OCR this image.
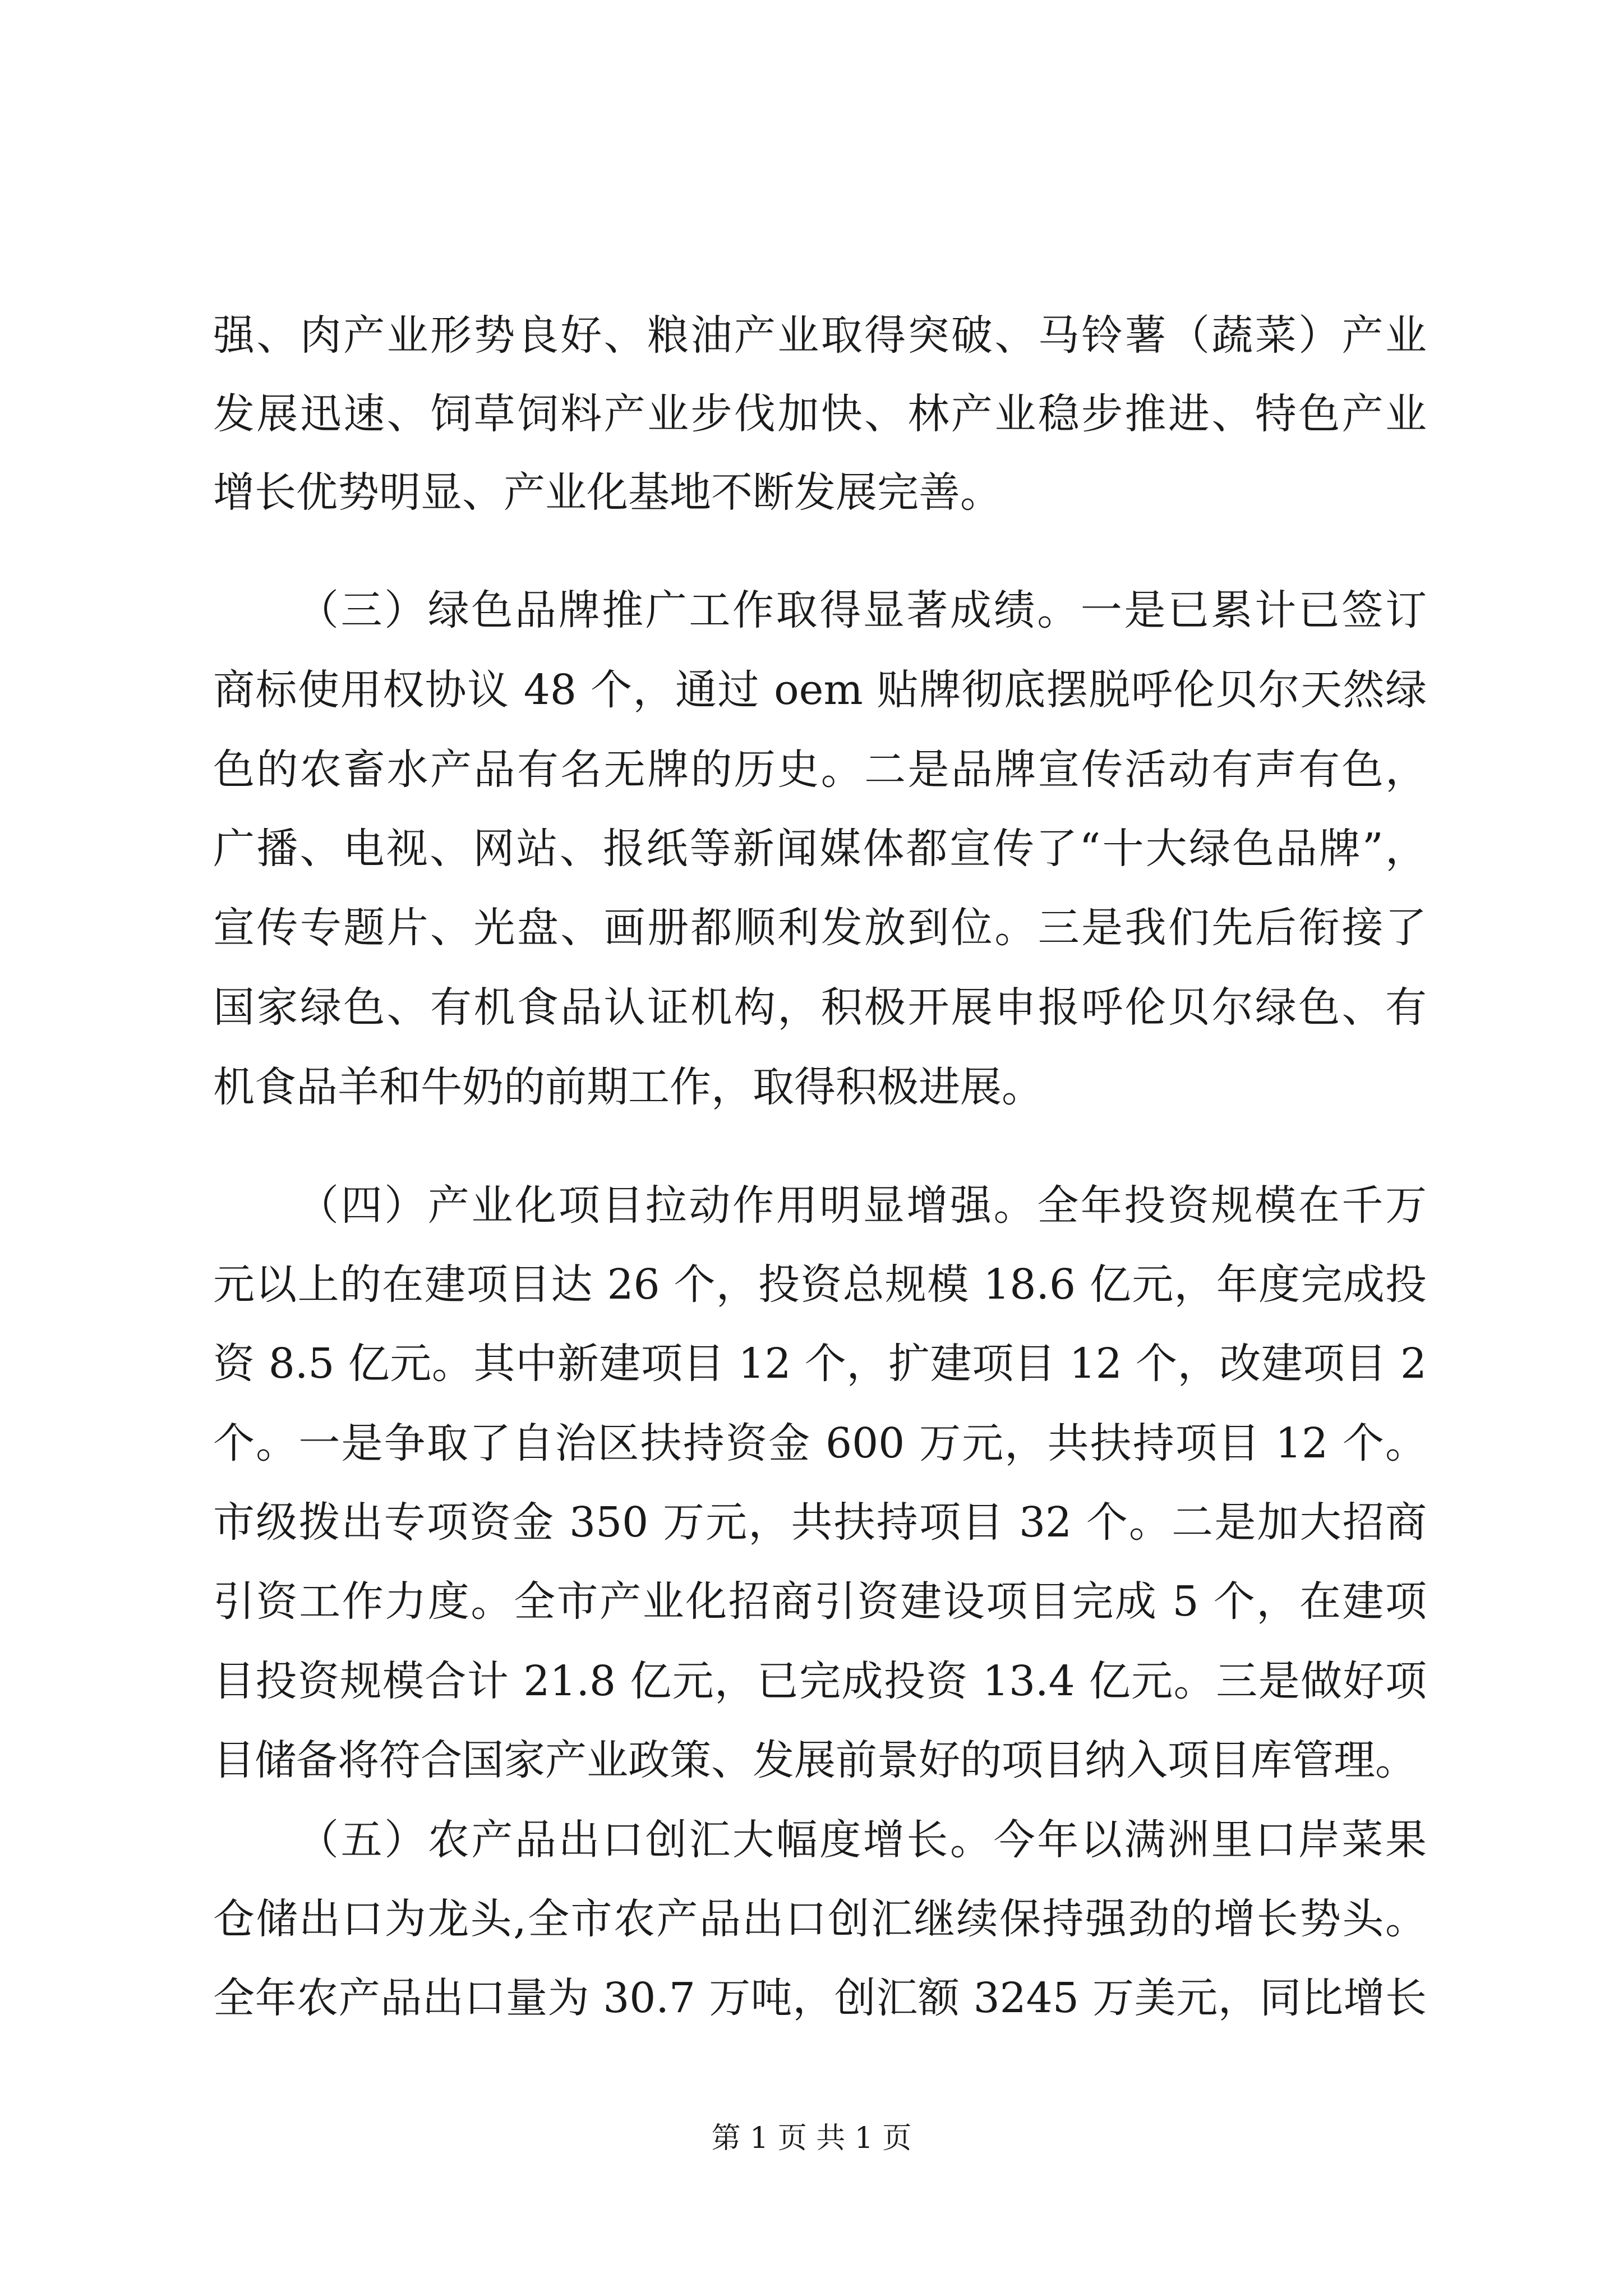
强、肉产业形势良好、粮油产业取得突破、马铃薯（蔬菜）产业
发展迅速、饲草饲料产业步伐加快、林产业稳步推进、特色产业
增长优势明显、产业化基地不断发展完善。
（三）绿色品牌推广工作取得显著成绩。一是已累计已签订
商标使用权协议 48 个，通过 oem 贴牌彻底摆脱呼伦贝尔天然绿
色的农畜水产品有名无牌的历史。二是品牌宣传活动有声有色，
广播、电视、网站、报纸等新闻媒体都宣传了“十大绿色品牌”，
宣传专题片、光盘、画册都顺利发放到位。三是我们先后衔接了
国家绿色、有机食品认证机构，积极开展申报呼伦贝尔绿色、有
机食品羊和牛奶的前期工作，取得积极进展。
（四）产业化项目拉动作用明显增强。全年投资规模在千万
元以上的在建项目达 26 个，投资总规模 18.6 亿元，年度完成投
资 8.5 亿元。其中新建项目 12 个，扩建项目 12 个，改建项目 2
个。一是争取了自治区扶持资金 600 万元，共扶持项目 12 个。
市级拨出专项资金 350 万元，共扶持项目 32 个。二是加大招商
引资工作力度。全市产业化招商引资建设项目完成 5 个，在建项
目投资规模合计 21.8 亿元，已完成投资 13.4 亿元。三是做好项
目储备将符合国家产业政策、发展前景好的项目纳入项目库管理。
（五）农产品出口创汇大幅度增长。今年以满洲里口岸菜果
仓储出口为龙头,全市农产品出口创汇继续保持强劲的增长势头。
全年农产品出口量为 30.7 万吨，创汇额 3245 万美元，同比增长
第 1 页 共 1 页
